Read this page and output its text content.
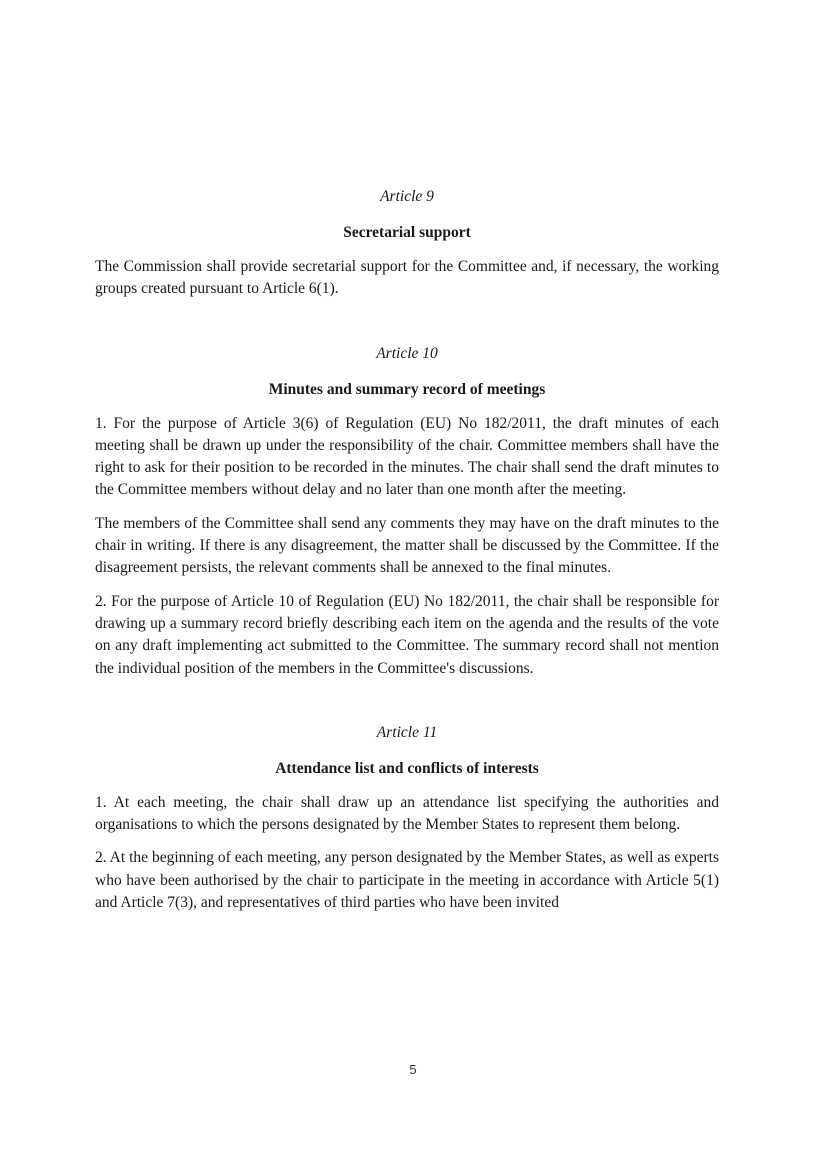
Article 9

Secretarial support

The Commission shall provide secretarial support for the Committee and, if necessary, the working groups created pursuant to Article 6(1).

Article 10

Minutes and summary record of meetings

1. For the purpose of Article 3(6) of Regulation (EU) No 182/2011, the draft minutes of each meeting shall be drawn up under the responsibility of the chair. Committee members shall have the right to ask for their position to be recorded in the minutes. The chair shall send the draft minutes to the Committee members without delay and no later than one month after the meeting.

The members of the Committee shall send any comments they may have on the draft minutes to the chair in writing. If there is any disagreement, the matter shall be discussed by the Committee. If the disagreement persists, the relevant comments shall be annexed to the final minutes.

2. For the purpose of Article 10 of Regulation (EU) No 182/2011, the chair shall be responsible for drawing up a summary record briefly describing each item on the agenda and the results of the vote on any draft implementing act submitted to the Committee. The summary record shall not mention the individual position of the members in the Committee's discussions.

Article 11

Attendance list and conflicts of interests

1. At each meeting, the chair shall draw up an attendance list specifying the authorities and organisations to which the persons designated by the Member States to represent them belong.

2. At the beginning of each meeting, any person designated by the Member States, as well as experts who have been authorised by the chair to participate in the meeting in accordance with Article 5(1) and Article 7(3), and representatives of third parties who have been invited

5
